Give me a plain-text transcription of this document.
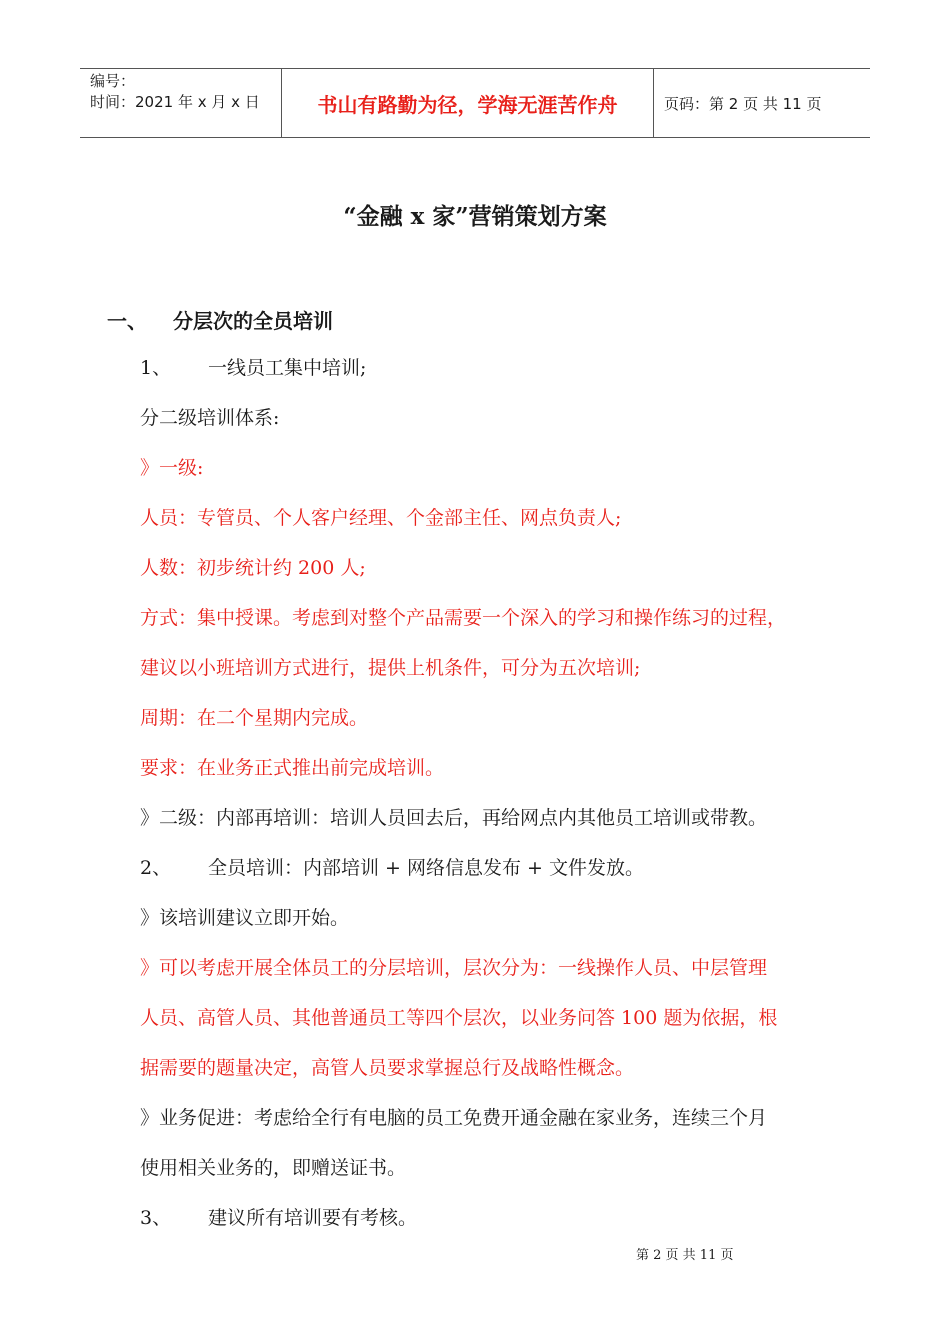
编号：
时间：2021 年 x 月 x 日	书山有路勤为径，学海无涯苦作舟	页码：第 2 页 共 11 页
“金融 x 家”营销策划方案
一、 分层次的全员培训
1、 一线员工集中培训;
分二级培训体系:
》一级:
人员：专管员、个人客户经理、个金部主任、网点负责人;
人数：初步统计约 200 人;
方式：集中授课。考虑到对整个产品需要一个深入的学习和操作练习的过程，
建议以小班培训方式进行，提供上机条件，可分为五次培训;
周期：在二个星期内完成。
要求：在业务正式推出前完成培训。
》二级：内部再培训：培训人员回去后，再给网点内其他员工培训或带教。
2、 全员培训：内部培训 + 网络信息发布 + 文件发放。
》该培训建议立即开始。
》可以考虑开展全体员工的分层培训，层次分为：一线操作人员、中层管理
人员、高管人员、其他普通员工等四个层次，以业务问答 100 题为依据，根
据需要的题量决定，高管人员要求掌握总行及战略性概念。
》业务促进：考虑给全行有电脑的员工免费开通金融在家业务，连续三个月
使用相关业务的，即赠送证书。
3、 建议所有培训要有考核。
第 2 页 共 11 页
